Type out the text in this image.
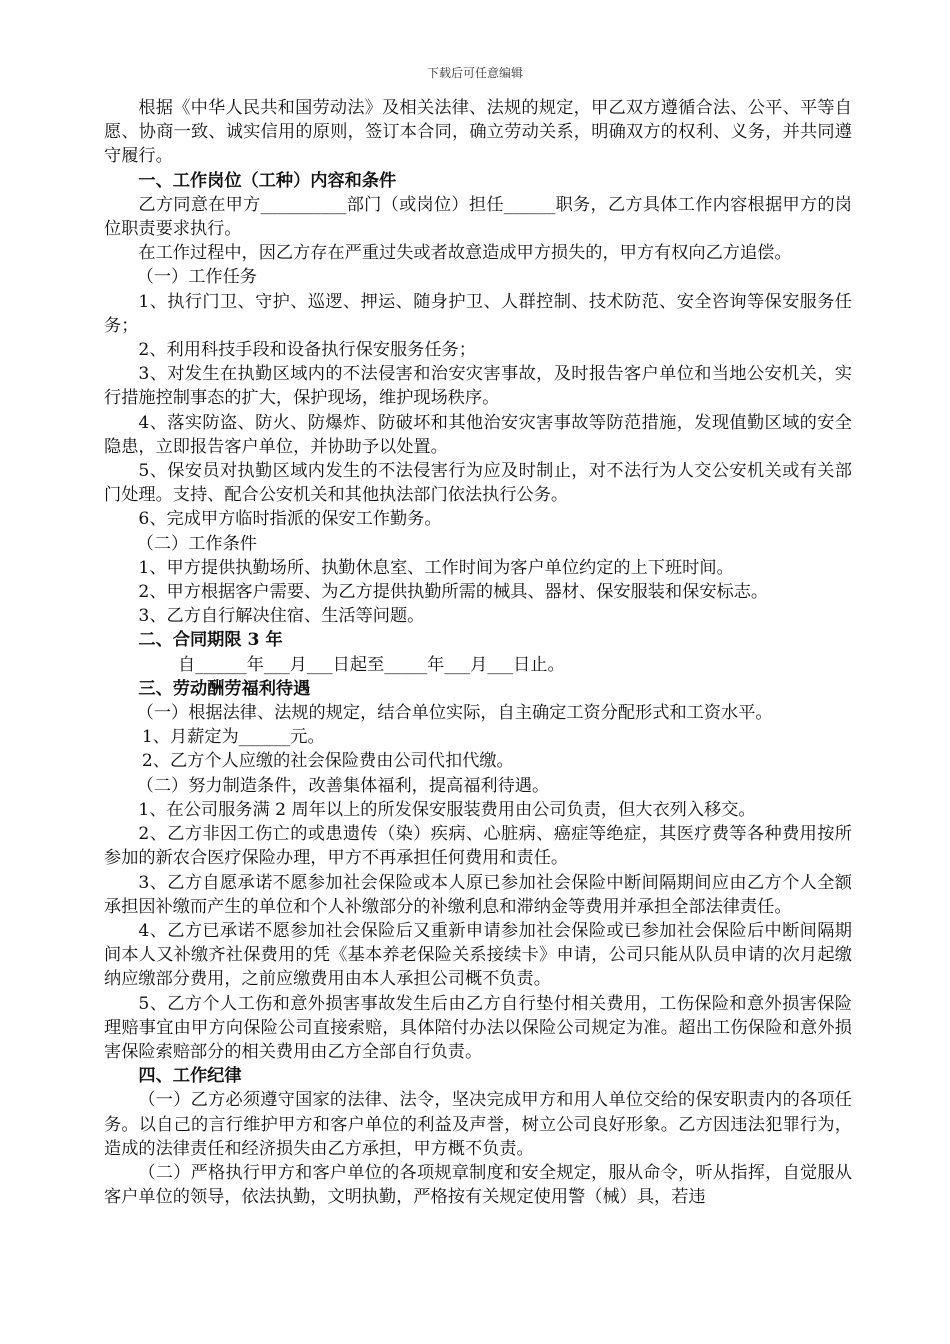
下载后可任意编辑

根据《中华人民共和国劳动法》及相关法律、法规的规定，甲乙双方遵循合法、公平、平等自愿、协商一致、诚实信用的原则，签订本合同，确立劳动关系，明确双方的权利、义务，并共同遵守履行。

一、工作岗位（工种）内容和条件

乙方同意在甲方__________部门（或岗位）担任______职务，乙方具体工作内容根据甲方的岗位职责要求执行。

在工作过程中，因乙方存在严重过失或者故意造成甲方损失的，甲方有权向乙方追偿。

（一）工作任务

1、执行门卫、守护、巡逻、押运、随身护卫、人群控制、技术防范、安全咨询等保安服务任务；

2、利用科技手段和设备执行保安服务任务；

3、对发生在执勤区域内的不法侵害和治安灾害事故，及时报告客户单位和当地公安机关，实行措施控制事态的扩大，保护现场，维护现场秩序。

4、落实防盗、防火、防爆炸、防破坏和其他治安灾害事故等防范措施，发现值勤区域的安全隐患，立即报告客户单位，并协助予以处置。

5、保安员对执勤区域内发生的不法侵害行为应及时制止，对不法行为人交公安机关或有关部门处理。支持、配合公安机关和其他执法部门依法执行公务。

6、完成甲方临时指派的保安工作勤务。

（二）工作条件

1、甲方提供执勤场所、执勤休息室、工作时间为客户单位约定的上下班时间。

2、甲方根据客户需要、为乙方提供执勤所需的械具、器材、保安服装和保安标志。

3、乙方自行解决住宿、生活等问题。

二、合同期限 3 年

自______年___月___日起至_____年___月___日止。

三、劳动酬劳福利待遇

（一）根据法律、法规的规定，结合单位实际，自主确定工资分配形式和工资水平。

1、月薪定为______元。

2、乙方个人应缴的社会保险费由公司代扣代缴。

（二）努力制造条件，改善集体福利，提高福利待遇。

1、在公司服务满 2 周年以上的所发保安服装费用由公司负责，但大衣列入移交。

2、乙方非因工伤亡的或患遗传（染）疾病、心脏病、癌症等绝症，其医疗费等各种费用按所参加的新农合医疗保险办理，甲方不再承担任何费用和责任。

3、乙方自愿承诺不愿参加社会保险或本人原已参加社会保险中断间隔期间应由乙方个人全额承担因补缴而产生的单位和个人补缴部分的补缴利息和滞纳金等费用并承担全部法律责任。

4、乙方已承诺不愿参加社会保险后又重新申请参加社会保险或已参加社会保险后中断间隔期间本人又补缴齐社保费用的凭《基本养老保险关系接续卡》申请，公司只能从队员申请的次月起缴纳应缴部分费用，之前应缴费用由本人承担公司概不负责。

5、乙方个人工伤和意外损害事故发生后由乙方自行垫付相关费用，工伤保险和意外损害保险理赔事宜由甲方向保险公司直接索赔，具体陪付办法以保险公司规定为准。超出工伤保险和意外损害保险索赔部分的相关费用由乙方全部自行负责。

四、工作纪律

（一）乙方必须遵守国家的法律、法令，坚决完成甲方和用人单位交给的保安职责内的各项任务。以自己的言行维护甲方和客户单位的利益及声誉，树立公司良好形象。乙方因违法犯罪行为，造成的法律责任和经济损失由乙方承担，甲方概不负责。

（二）严格执行甲方和客户单位的各项规章制度和安全规定，服从命令，听从指挥，自觉服从客户单位的领导，依法执勤，文明执勤，严格按有关规定使用警（械）具，若违
